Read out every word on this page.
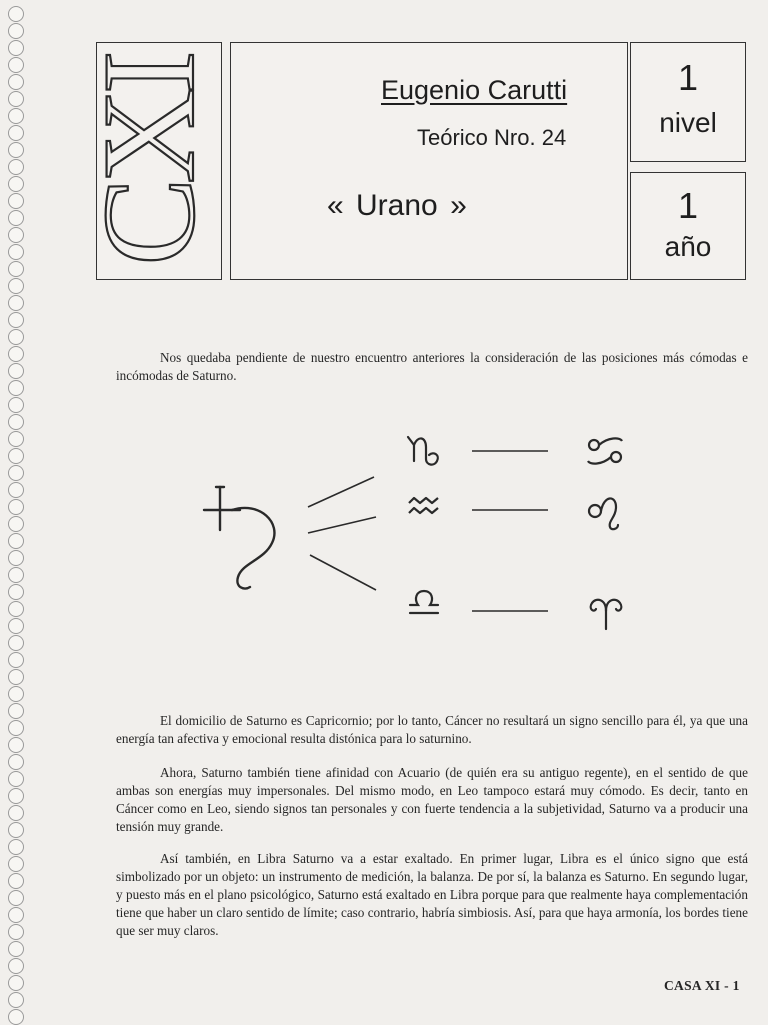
CXI	Eugenio Carutti
Teórico Nro. 24
« Urano »
1
nivel
1
año
Nos quedaba pendiente de nuestro encuentro anteriores la consideración de las posiciones más cómodas e incómodas de Saturno.
El domicilio de Saturno es Capricornio; por lo tanto, Cáncer no resultará un signo sencillo para él, ya que una energía tan afectiva y emocional resulta distónica para lo saturnino.
Ahora, Saturno también tiene afinidad con Acuario (de quién era su antiguo regente), en el sentido de que ambas son energías muy impersonales. Del mismo modo, en Leo tampoco estará muy cómodo. Es decir, tanto en Cáncer como en Leo, siendo signos tan personales y con fuerte tendencia a la subjetividad, Saturno va a producir una tensión muy grande.
Así también, en Libra Saturno va a estar exaltado. En primer lugar, Libra es el único signo que está simbolizado por un objeto: un instrumento de medición, la balanza. De por sí, la balanza es Saturno. En segundo lugar, y puesto más en el plano psicológico, Saturno está exaltado en Libra porque para que realmente haya complementación tiene que haber un claro sentido de límite; caso contrario, habría simbiosis. Así, para que haya armonía, los bordes tiene que ser muy claros.
CASA XI - 1
